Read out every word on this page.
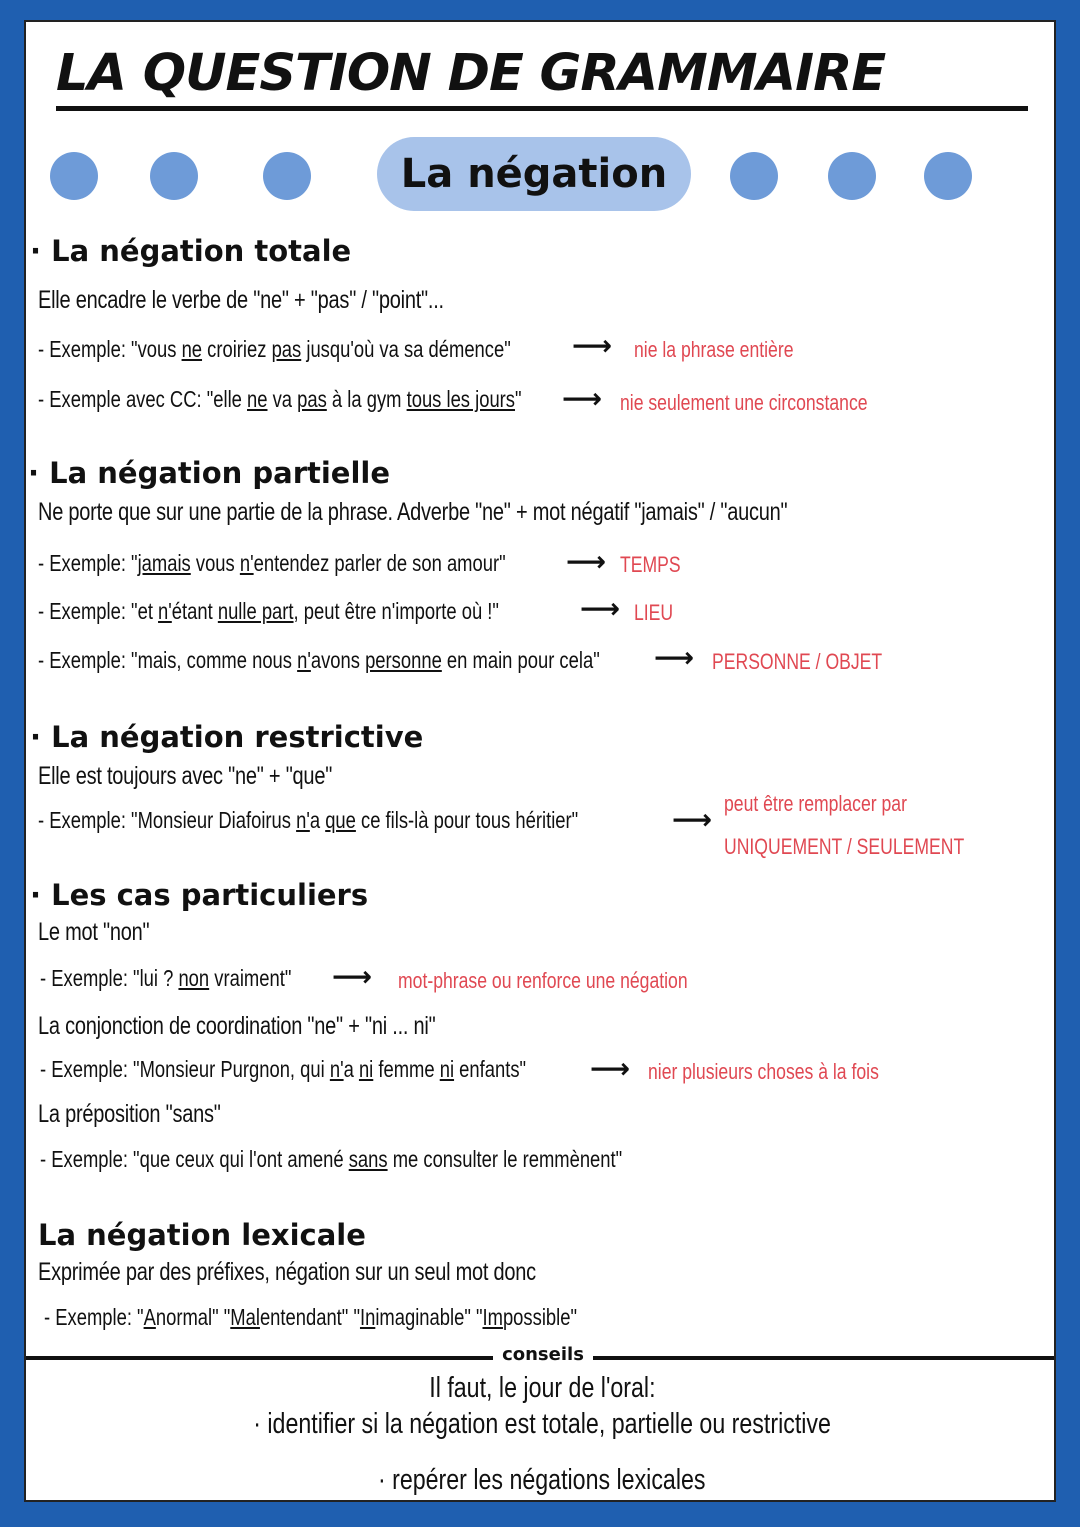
LA QUESTION DE GRAMMAIRE
La négation
· La négation totale
Elle encadre le verbe de "ne" + "pas" / "point"...
- Exemple: "vous ne croiriez pas jusqu'où va sa démence" ⟶ nie la phrase entière
- Exemple avec CC: "elle ne va pas à la gym tous les jours" ⟶ nie seulement une circonstance
· La négation partielle
Ne porte que sur une partie de la phrase. Adverbe "ne" + mot négatif "jamais" / "aucun"
- Exemple: "jamais vous n'entendez parler de son amour" ⟶ TEMPS
- Exemple: "et n'étant nulle part, peut être n'importe où !"	⟶ LIEU
- Exemple: "mais, comme nous n'avons personne en main pour cela" ⟶ PERSONNE / OBJET
· La négation restrictive
Elle est toujours avec "ne" + "que"
- Exemple: "Monsieur Diafoirus n'a que ce fils-là pour tous héritier"	⟶ peut être remplacer par
UNIQUEMENT / SEULEMENT
· Les cas particuliers
Le mot "non"
- Exemple: "lui ? non vraiment" ⟶ mot-phrase ou renforce une négation
La conjonction de coordination "ne" + "ni ... ni"
- Exemple: "Monsieur Purgnon, qui n'a ni femme ni enfants" ⟶ nier plusieurs choses à la fois
La préposition "sans"
- Exemple: "que ceux qui l'ont amené sans me consulter le remmènent"
La négation lexicale
Exprimée par des préfixes, négation sur un seul mot donc
- Exemple: "Anormal" "Malentendant" "Inimaginable" "Impossible"
conseils
Il faut, le jour de l'oral:
· identifier si la négation est totale, partielle ou restrictive
· repérer les négations lexicales
